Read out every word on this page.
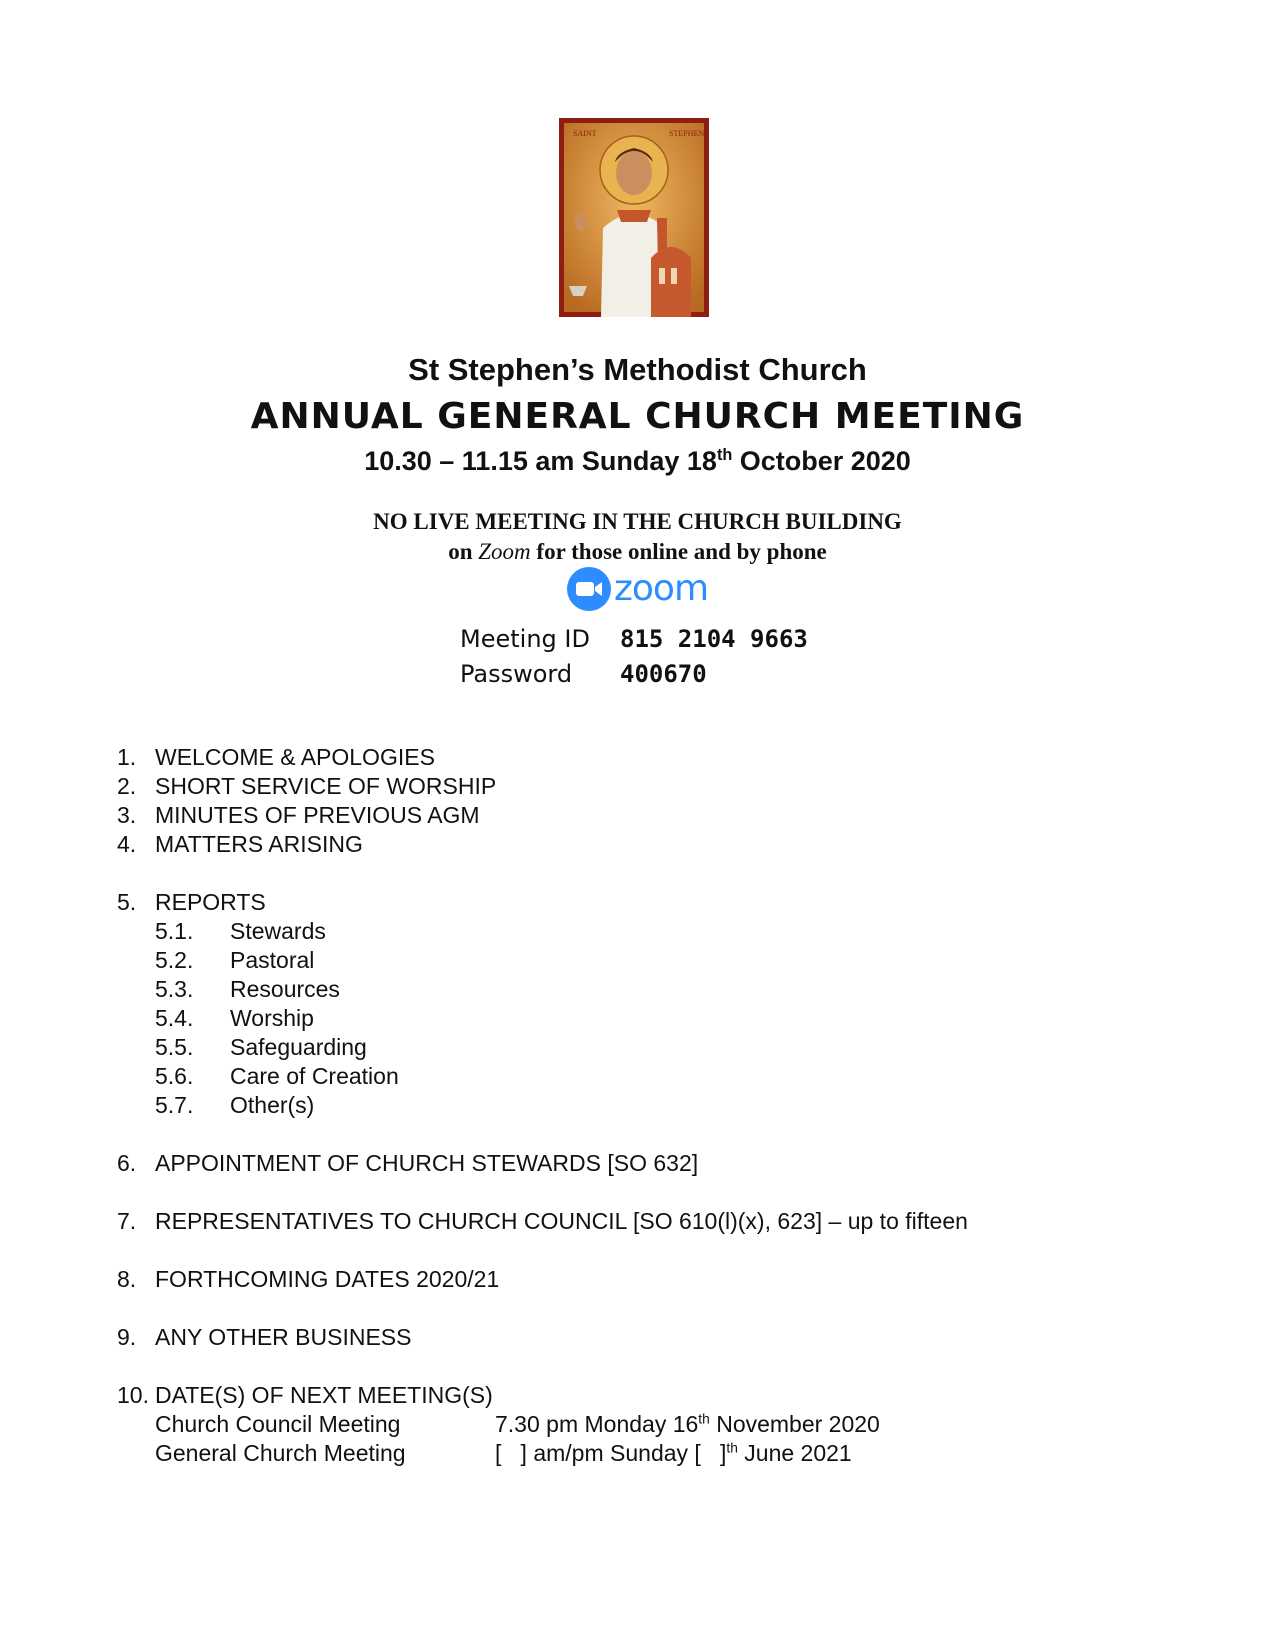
SAINT	STEPHEN
St Stephen’s Methodist Church
ANNUAL GENERAL CHURCH MEETING
10.30 – 11.15 am Sunday 18th October 2020
NO LIVE MEETING IN THE CHURCH BUILDING
on Zoom for those online and by phone
zoom
Meeting ID 815 2104 9663
Password 400670
1. WELCOME & APOLOGIES
2. SHORT SERVICE OF WORSHIP
3. MINUTES OF PREVIOUS AGM
4. MATTERS ARISING
5. REPORTS
5.1. Stewards
5.2. Pastoral
5.3. Resources
5.4. Worship
5.5. Safeguarding
5.6. Care of Creation
5.7. Other(s)
6. APPOINTMENT OF CHURCH STEWARDS [SO 632]
7. REPRESENTATIVES TO CHURCH COUNCIL [SO 610(l)(x), 623] – up to fifteen
8. FORTHCOMING DATES 2020/21
9. ANY OTHER BUSINESS
10. DATE(S) OF NEXT MEETING(S)
Church Council Meeting	7.30 pm Monday 16th November 2020
General Church Meeting	[   ] am/pm Sunday [   ]$^{th}$ June 2021
